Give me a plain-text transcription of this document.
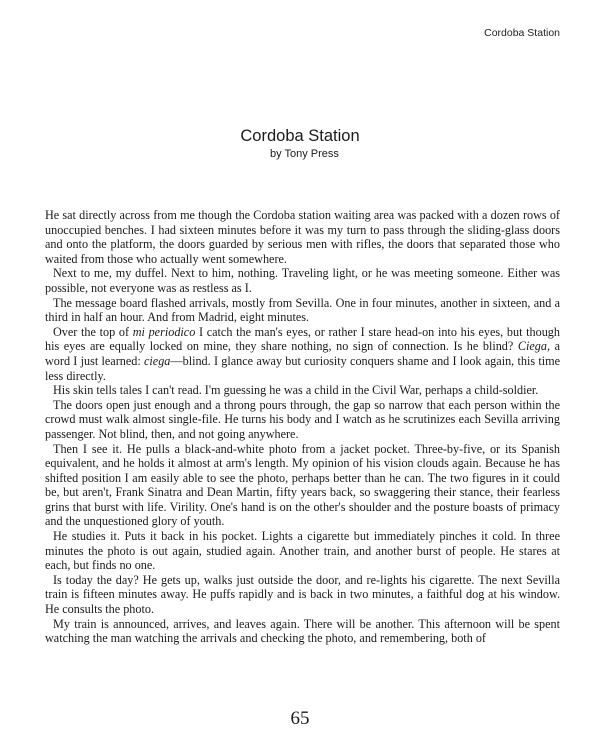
Cordoba Station
Cordoba Station
by Tony Press

He sat directly across from me though the Cordoba station waiting area was packed with a dozen rows of unoccupied benches. I had sixteen minutes before it was my turn to pass through the sliding-glass doors and onto the platform, the doors guarded by serious men with rifles, the doors that separated those who waited from those who actually went somewhere.

Next to me, my duffel. Next to him, nothing. Traveling light, or he was meeting someone. Either was possible, not everyone was as restless as I.

The message board flashed arrivals, mostly from Sevilla. One in four minutes, another in sixteen, and a third in half an hour. And from Madrid, eight minutes.

Over the top of mi periodico I catch the man's eyes, or rather I stare head-on into his eyes, but though his eyes are equally locked on mine, they share nothing, no sign of connection. Is he blind? Ciega, a word I just learned: ciega—blind. I glance away but curiosity conquers shame and I look again, this time less directly.

His skin tells tales I can't read. I'm guessing he was a child in the Civil War, perhaps a child-soldier.

The doors open just enough and a throng pours through, the gap so narrow that each person within the crowd must walk almost single-file. He turns his body and I watch as he scrutinizes each Sevilla arriving passenger. Not blind, then, and not going anywhere.

Then I see it. He pulls a black-and-white photo from a jacket pocket. Three-by-five, or its Spanish equivalent, and he holds it almost at arm's length. My opinion of his vision clouds again. Because he has shifted position I am easily able to see the photo, perhaps better than he can. The two figures in it could be, but aren't, Frank Sinatra and Dean Martin, fifty years back, so swaggering their stance, their fearless grins that burst with life. Virility. One's hand is on the other's shoulder and the posture boasts of primacy and the unquestioned glory of youth.

He studies it. Puts it back in his pocket. Lights a cigarette but immediately pinches it cold. In three minutes the photo is out again, studied again. Another train, and another burst of people. He stares at each, but finds no one.

Is today the day? He gets up, walks just outside the door, and re-lights his cigarette. The next Sevilla train is fifteen minutes away. He puffs rapidly and is back in two minutes, a faithful dog at his window. He consults the photo.

My train is announced, arrives, and leaves again. There will be another. This afternoon will be spent watching the man watching the arrivals and checking the photo, and remembering, both of

65
